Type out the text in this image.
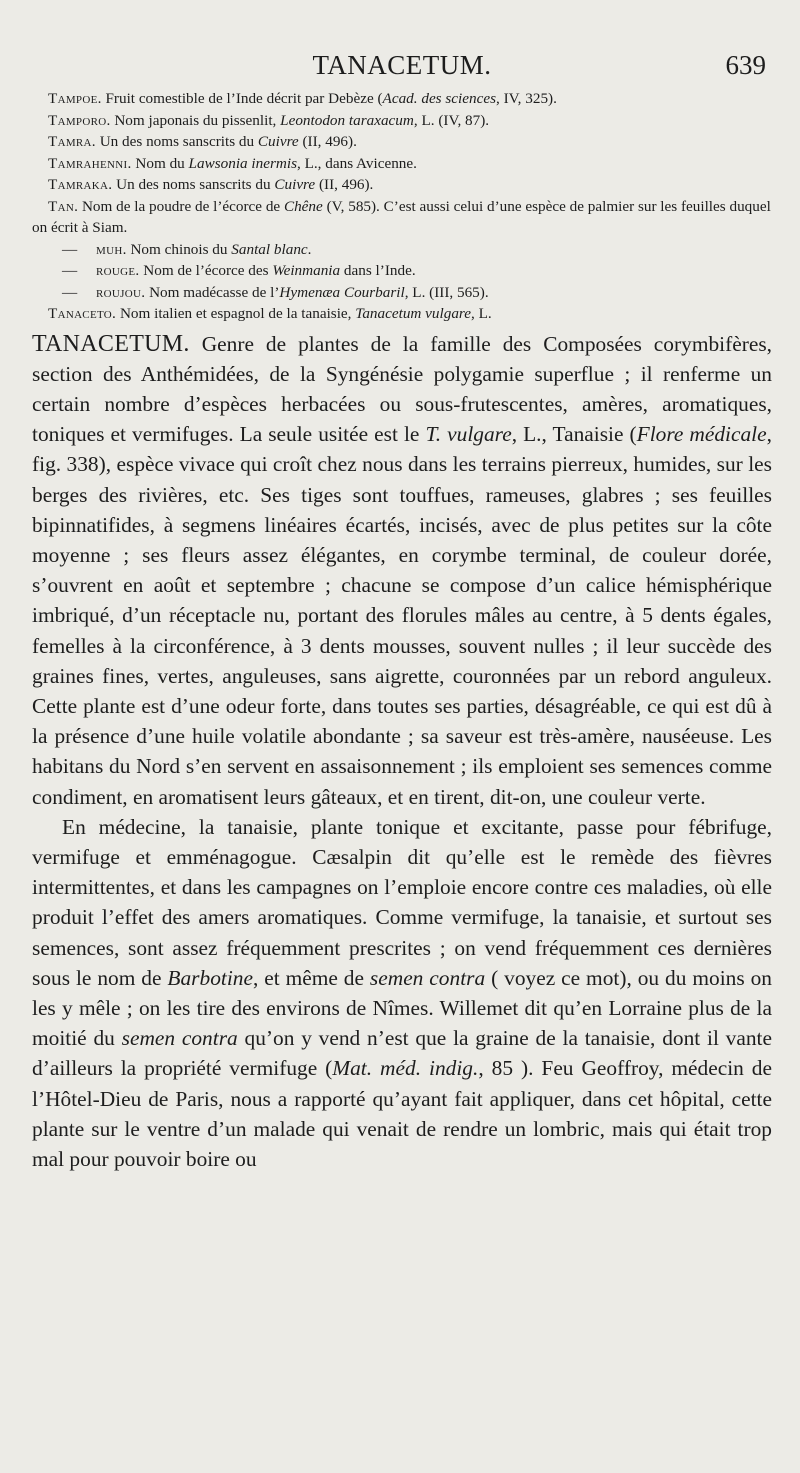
TANACETUM.	639

Tampoe. Fruit comestible de l’Inde décrit par Debèze (Acad. des sciences, IV, 325).

Tamporo. Nom japonais du pissenlit, Leontodon taraxacum, L. (IV, 87).

Tamra. Un des noms sanscrits du Cuivre (II, 496).

Tamrahenni. Nom du Lawsonia inermis, L., dans Avicenne.

Tamraka. Un des noms sanscrits du Cuivre (II, 496).

Tan. Nom de la poudre de l’écorce de Chêne (V, 585). C’est aussi celui d’une espèce de palmier sur les feuilles duquel on écrit à Siam.

— muh. Nom chinois du Santal blanc.

— rouge. Nom de l’écorce des Weinmania dans l’Inde.

— roujou. Nom madécasse de l’Hymenæa Courbaril, L. (III, 565).

Tanaceto. Nom italien et espagnol de la tanaisie, Tanacetum vulgare, L.

TANACETUM. Genre de plantes de la famille des Composées corymbifères, section des Anthémidées, de la Syngénésie polygamie superflue ; il renferme un certain nombre d’espèces herbacées ou sous-frutescentes, amères, aromatiques, toniques et vermifuges. La seule usitée est le T. vulgare, L., Tanaisie (Flore médicale, fig. 338), espèce vivace qui croît chez nous dans les terrains pierreux, humides, sur les berges des rivières, etc. Ses tiges sont touffues, rameuses, glabres ; ses feuilles bipinnatifides, à segmens linéaires écartés, incisés, avec de plus petites sur la côte moyenne ; ses fleurs assez élégantes, en corymbe terminal, de couleur dorée, s’ouvrent en août et septembre ; chacune se compose d’un calice hémisphérique imbriqué, d’un réceptacle nu, portant des florules mâles au centre, à 5 dents égales, femelles à la circonférence, à 3 dents mousses, souvent nulles ; il leur succède des graines fines, vertes, anguleuses, sans aigrette, couronnées par un rebord anguleux. Cette plante est d’une odeur forte, dans toutes ses parties, désagréable, ce qui est dû à la présence d’une huile volatile abondante ; sa saveur est très-amère, nauséeuse. Les habitans du Nord s’en servent en assaisonnement ; ils emploient ses semences comme condiment, en aromatisent leurs gâteaux, et en tirent, dit-on, une couleur verte.

En médecine, la tanaisie, plante tonique et excitante, passe pour fébrifuge, vermifuge et emménagogue. Cæsalpin dit qu’elle est le remède des fièvres intermittentes, et dans les campagnes on l’emploie encore contre ces maladies, où elle produit l’effet des amers aromatiques. Comme vermifuge, la tanaisie, et surtout ses semences, sont assez fréquemment prescrites ; on vend fréquemment ces dernières sous le nom de Barbotine, et même de semen contra ( voyez ce mot), ou du moins on les y mêle ; on les tire des environs de Nîmes. Willemet dit qu’en Lorraine plus de la moitié du semen contra qu’on y vend n’est que la graine de la tanaisie, dont il vante d’ailleurs la propriété vermifuge (Mat. méd. indig., 85 ). Feu Geoffroy, médecin de l’Hôtel-Dieu de Paris, nous a rapporté qu’ayant fait appliquer, dans cet hôpital, cette plante sur le ventre d’un malade qui venait de rendre un lombric, mais qui était trop mal pour pouvoir boire ou
